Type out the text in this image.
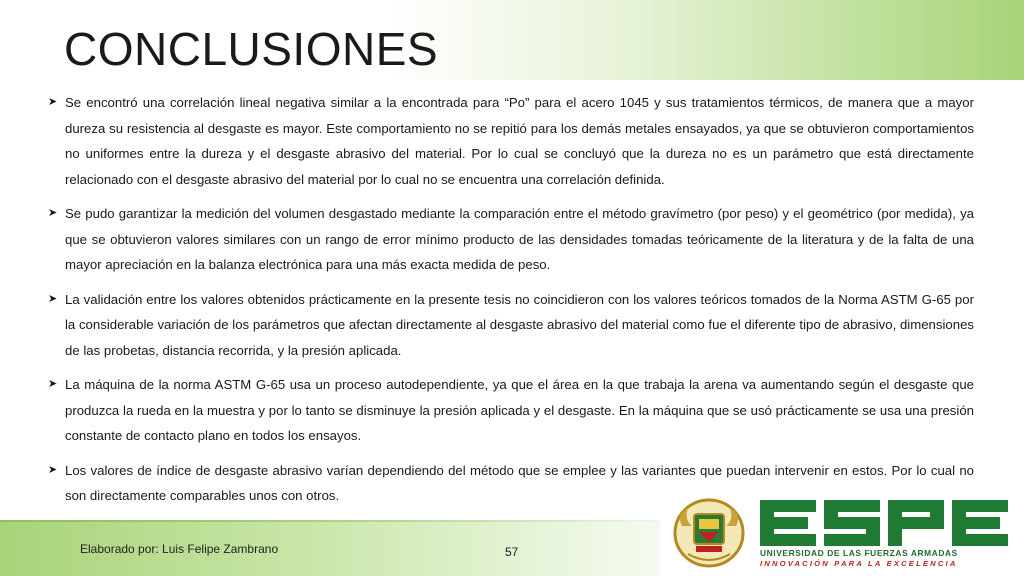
CONCLUSIONES
➤ Se encontró una correlación lineal negativa similar a la encontrada para “Po” para el acero 1045 y sus tratamientos térmicos, de manera que a mayor dureza su resistencia al desgaste es mayor. Este comportamiento no se repitió para los demás metales ensayados, ya que se obtuvieron comportamientos no uniformes entre la dureza y el desgaste abrasivo del material. Por lo cual se concluyó que la dureza no es un parámetro que está directamente relacionado con el desgaste abrasivo del material por lo cual no se encuentra una correlación definida.
➤ Se pudo garantizar la medición del volumen desgastado mediante la comparación entre el método gravímetro (por peso) y el geométrico (por medida), ya que se obtuvieron valores similares con un rango de error mínimo producto de las densidades tomadas teóricamente de la literatura y de la falta de una mayor apreciación en la balanza electrónica para una más exacta medida de peso.
➤ La validación entre los valores obtenidos prácticamente en la presente tesis no coincidieron con los valores teóricos tomados de la Norma ASTM G-65 por la considerable variación de los parámetros que afectan directamente al desgaste abrasivo del material como fue el diferente tipo de abrasivo, dimensiones de las probetas, distancia recorrida, y la presión aplicada.
➤ La máquina de la norma ASTM G-65 usa un proceso autodependiente, ya que el área en la que trabaja la arena va aumentando según el desgaste que produzca la rueda en la muestra y por lo tanto se disminuye la presión aplicada y el desgaste. En la máquina que se usó prácticamente se usa una presión constante de contacto plano en todos los ensayos.
➤ Los valores de índice de desgaste abrasivo varían dependiendo del método que se emplee y las variantes que puedan intervenir en estos. Por lo cual no son directamente comparables unos con otros.
Elaborado por: Luis Felipe Zambrano	57	UNIVERSIDAD DE LAS FUERZAS ARMADAS
INNOVACIÓN PARA LA EXCELENCIA
